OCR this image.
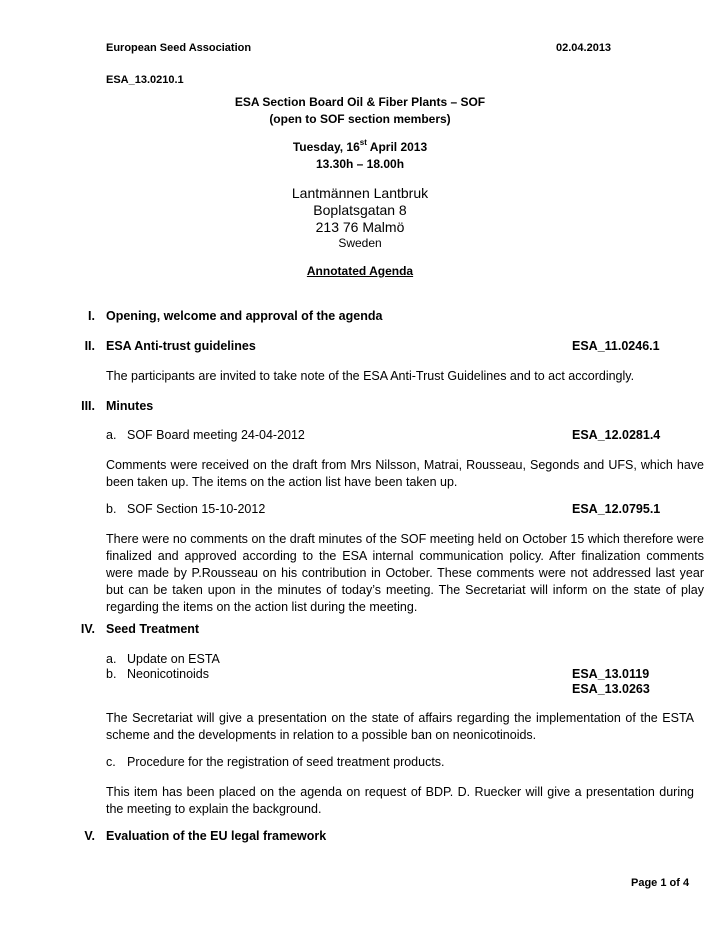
European Seed Association	02.04.2013
ESA_13.0210.1
ESA Section Board Oil & Fiber Plants – SOF
(open to SOF section members)
Tuesday, 16st April 2013
13.30h – 18.00h
Lantmännen Lantbruk
Boplatsgatan 8
213 76 Malmö
Sweden
Annotated Agenda
I. Opening, welcome and approval of the agenda
II. ESA Anti-trust guidelines	ESA_11.0246.1
The participants are invited to take note of the ESA Anti-Trust Guidelines and to act accordingly.
III. Minutes
a. SOF Board meeting 24-04-2012	ESA_12.0281.4
Comments were received on the draft from Mrs Nilsson, Matrai, Rousseau, Segonds and UFS, which have been taken up. The items on the action list have been taken up.
b. SOF Section 15-10-2012	ESA_12.0795.1
There were no comments on the draft minutes of the SOF meeting held on October 15 which therefore were finalized and approved according to the ESA internal communication policy. After finalization comments were made by P.Rousseau on his contribution in October. These comments were not addressed last year but can be taken upon in the minutes of today’s meeting. The Secretariat will inform on the state of play regarding the items on the action list during the meeting.
IV. Seed Treatment
a. Update on ESTA
b. Neonicotinoids	ESA_13.0119
ESA_13.0263
The Secretariat will give a presentation on the state of affairs regarding the implementation of the ESTA scheme and the developments in relation to a possible ban on neonicotinoids.
c. Procedure for the registration of seed treatment products.
This item has been placed on the agenda on request of BDP. D. Ruecker will give a presentation during the meeting to explain the background.
V. Evaluation of the EU legal framework
Page 1 of 4
